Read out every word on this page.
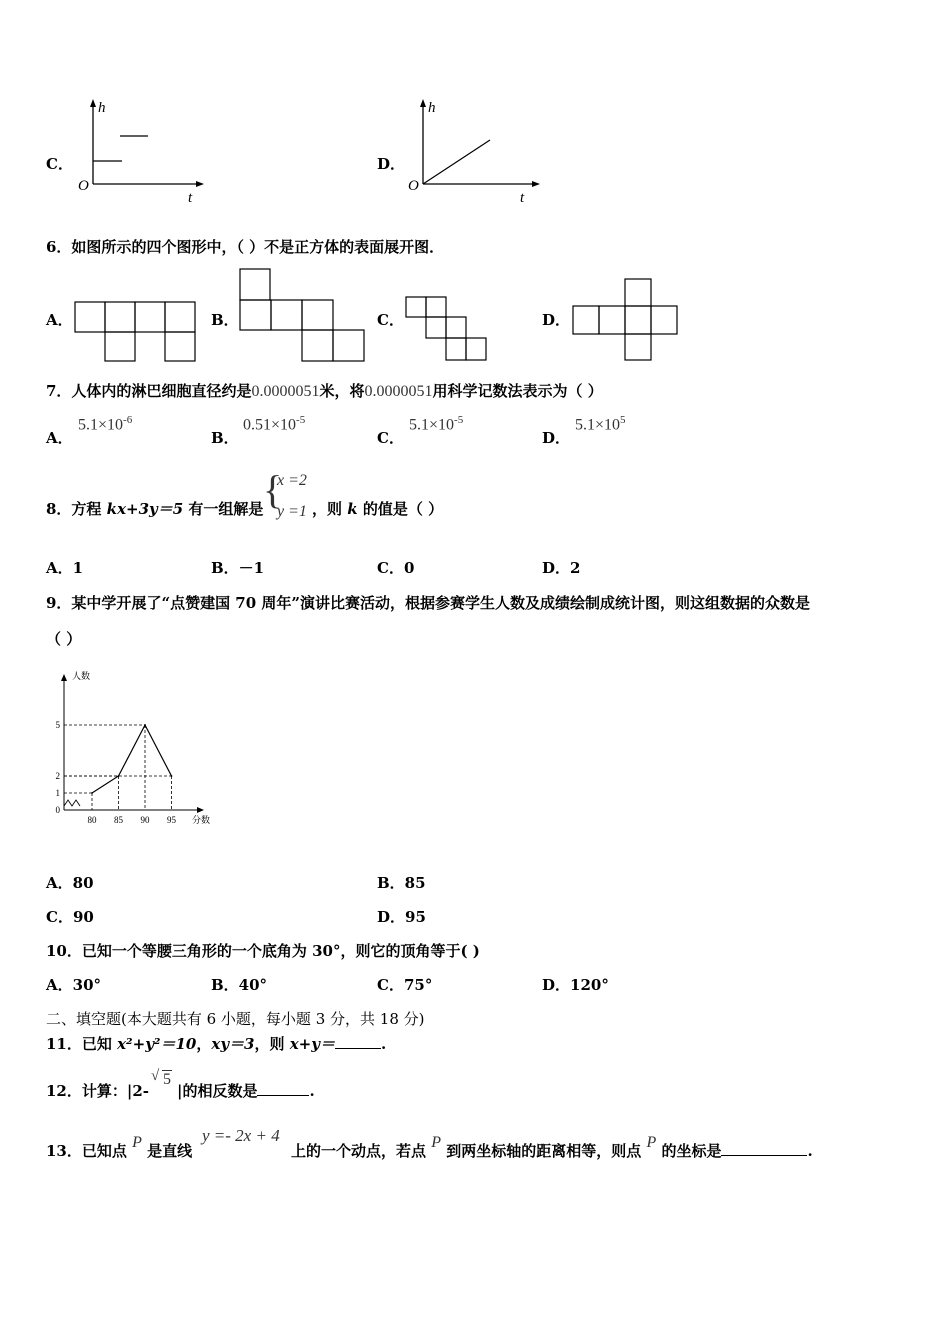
C．
h
O
t
D．
h
O
t
6．如图所示的四个图形中，（ ）不是正方体的表面展开图．
A．	B．	C．	D．
7．人体内的淋巴细胞直径约是0.0000051米，将0.0000051用科学记数法表示为（ ）
A．
$5.1\times 10^{-6}$
B．
$0.51\times 10^{-5}$
C．
$5.1\times 10^{-5}$
D．
$5.1\times 10^5$
8．方程 kx+3y＝5 有一组解是 {
x =2
y =1 ，则 k 的值是（ ）
A．1	B．－1	C．0	D．2
9．某中学开展了“点赞建国 70 周年”演讲比赛活动，根据参赛学生人数及成绩绘制成统计图，则这组数据的众数是
（ ）
80 85 90 95
0
1
2
5
人数
分数
A．80	B．85
C．90	D．95
10．已知一个等腰三角形的一个底角为 30°，则它的顶角等于( )
A．30°	B．40°	C．75°	D．120°
二、填空题(本大题共有 6 小题，每小题 3 分，共 18 分)
11．已知 x²+y²＝10，xy＝3，则 x+y＝	.
12．计算：|2-
√ 5
|的相反数是	.
13．已知点 P 是直线
y =- 2x + 4
上的一个动点，若点 P 到两坐标轴的距离相等，则点 P 的坐标是	.
